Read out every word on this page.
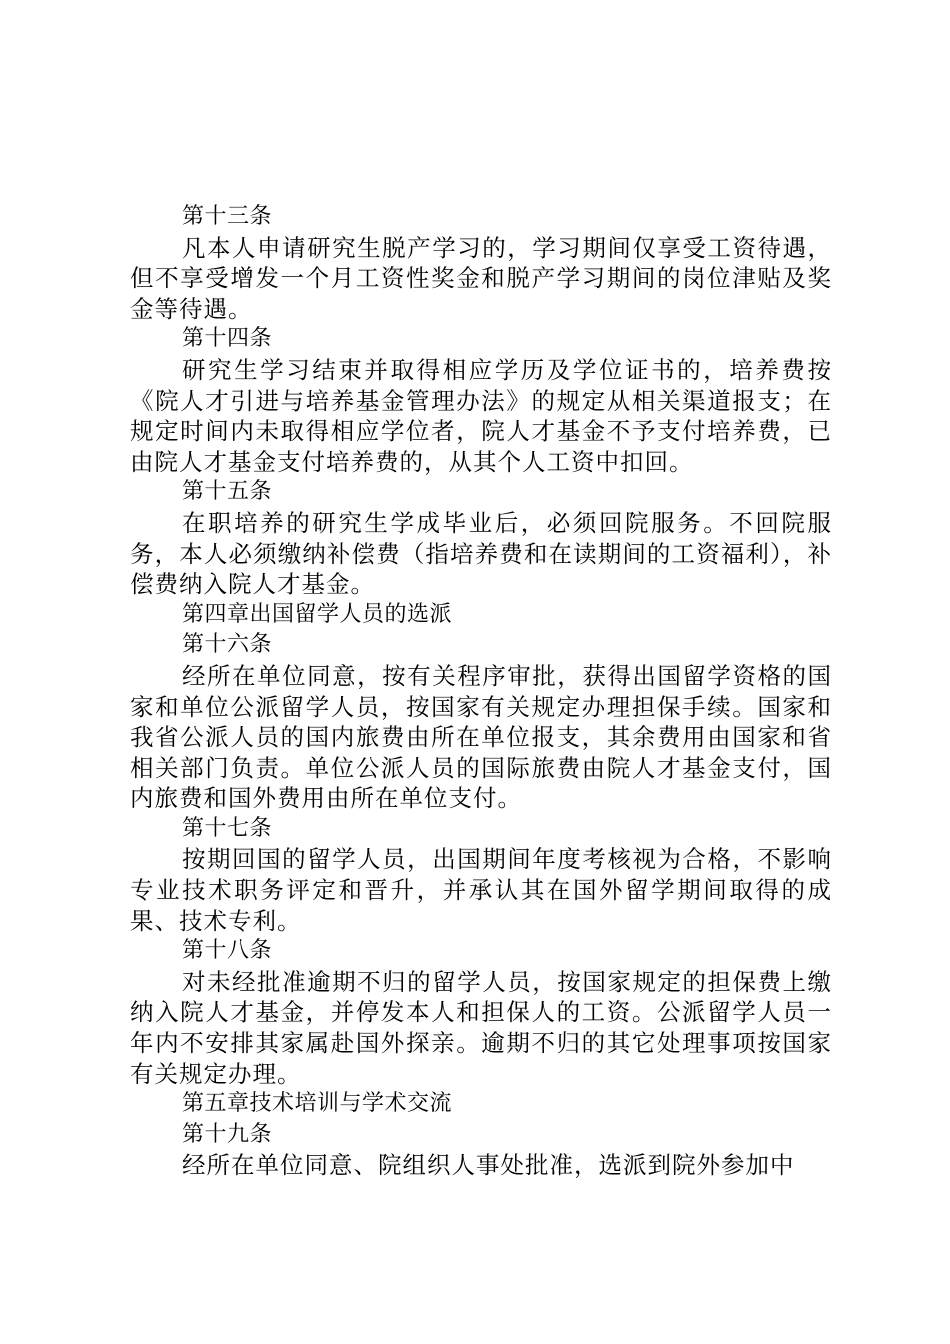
第十三条

凡本人申请研究生脱产学习的，学习期间仅享受工资待遇，但不享受增发一个月工资性奖金和脱产学习期间的岗位津贴及奖金等待遇。

第十四条

研究生学习结束并取得相应学历及学位证书的，培养费按《院人才引进与培养基金管理办法》的规定从相关渠道报支；在规定时间内未取得相应学位者，院人才基金不予支付培养费，已由院人才基金支付培养费的，从其个人工资中扣回。

第十五条

在职培养的研究生学成毕业后，必须回院服务。不回院服务，本人必须缴纳补偿费（指培养费和在读期间的工资福利），补偿费纳入院人才基金。

第四章出国留学人员的选派

第十六条

经所在单位同意，按有关程序审批，获得出国留学资格的国家和单位公派留学人员，按国家有关规定办理担保手续。国家和我省公派人员的国内旅费由所在单位报支，其余费用由国家和省相关部门负责。单位公派人员的国际旅费由院人才基金支付，国内旅费和国外费用由所在单位支付。

第十七条

按期回国的留学人员，出国期间年度考核视为合格，不影响专业技术职务评定和晋升，并承认其在国外留学期间取得的成果、技术专利。

第十八条

对未经批准逾期不归的留学人员，按国家规定的担保费上缴纳入院人才基金，并停发本人和担保人的工资。公派留学人员一年内不安排其家属赴国外探亲。逾期不归的其它处理事项按国家有关规定办理。

第五章技术培训与学术交流

第十九条

经所在单位同意、院组织人事处批准，选派到院外参加中
